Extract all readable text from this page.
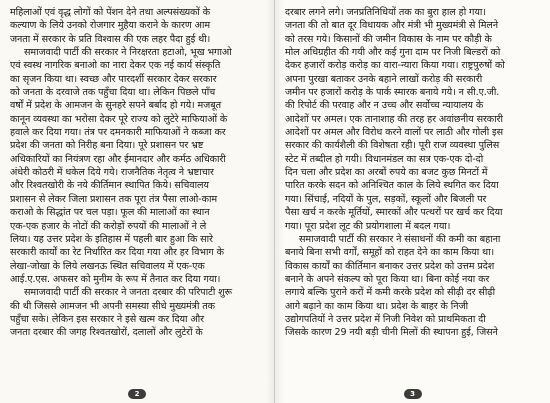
महिलाओं एवं वृद्ध लोगों को पेंशन देने तथा अल्पसंख्यकों के
कल्याण के लिये उनको रोजगार मुहैया कराने के कारण आम
जनता में सरकार के प्रति विश्वास की एक लहर पैदा हुई थी।
समाजवादी पार्टी की सरकार ने निरक्षरता हटाओ, भूख भगाओ
एवं स्वस्थ नागरिक बनाओ का नारा देकर एक नई कार्य संस्कृति
का सृजन किया था। स्वच्छ और पारदर्शी सरकार देकर सरकार
को जनता के दरवाजे तक पहुँचा दिया था। लेकिन पिछले पाँच
वर्षों में प्रदेश के आमजन के सुनहरे सपने बर्बाद हो गये। मजबूत
कानून व्यवस्था का भरोसा देकर पूरे राज्य को लुटेरे माफियाओं के
हवाले कर दिया गया। तंत्र पर दमनकारी माफियाओं ने कब्जा कर
प्रदेश की जनता को निरीह बना दिया। पूरे प्रशासन पर भ्रष्ट
अधिकारियों का नियंत्रण रहा और ईमानदार और कर्मठ अधिकारी
अंधेरी कोठरी में धकेल दिये गये। राजनैतिक नेतृत्व ने भ्रष्टाचार
और रिश्वतखोरी के नये कीर्तिमान स्थापित किये। सचिवालय
प्रशासन से लेकर जिला प्रशासन तक पूरा तंत्र पैसा लाओ-काम
कराओ के सिद्धांत पर चल पड़ा। फूल की मालाओं का स्थान
एक-एक हजार के नोटों की करोड़ों रुपयों की मालाओं ने ले
लिया। यह उत्तर प्रदेश के इतिहास में पहली बार हुआ कि सारे
सरकारी कार्यों का रेट निर्धारित कर दिया गया और हर विभाग के
लेखा-जोखा के लिये लखनऊ स्थित सचिवालय में एक-एक
आई.ए.एस. अफसर को मुनीम के रूप में तैनात कर दिया गया।
समाजवादी पार्टी की सरकार ने जनता दरबार की परिपाटी शुरू
की थी जिससे आमजन भी अपनी समस्या सीधे मुख्यमंत्री तक
पहुँचा सके। लेकिन इस सरकार ने इसे खत्म कर दिया और
जनता दरबार की जगह रिश्वतखोरों, दलालों और लुटेरों के
2
दरबार लगने लगे। जनप्रतिनिधियों तक का बुरा हाल हो गया।
जनता की तो बात दूर विधायक और मंत्री भी मुख्यमंत्री से मिलने
को तरस गये। किसानों की जमीन विकास के नाम पर कौड़ी के
मोल अधिग्रहीत की गयी और कई गुना दाम पर निजी बिल्डरों को
देकर हजारों करोड़ करोड़ का वारा-न्यारा किया गया। राष्ट्रपुरुषों को
अपना पुरखा बताकर उनके बहाने लाखों करोड़ की सरकारी
जमीन पर हजारों करोड़ के पार्क स्मारक बनाये गये। न सी.ए.जी.
की रिपोर्ट की परवाह और न उच्च और सर्वोच्च न्यायालय के
आदेशों पर अमल। एक तानाशाह की तरह हर अवांछनीय सरकारी
आदेशों पर अमल और विरोध करने वालों पर लाठी और गोली इस
सरकार की कार्यशैली की विशेषता रही। पूरी राज व्यवस्था पुलिस
स्टेट में तब्दील हो गयी। विधानमंडल का सत्र एक-एक दो-दो
दिन चला और प्रदेश का अरबों रुपये का बजट कुछ मिनटों में
पारित करके सदन को अनिश्चित काल के लिये स्थगित कर दिया
गया। सिंचाई, नदियों के पुल, सड़कों, स्कूलों और बिजली पर
पैसा खर्च न करके मूर्तियों, स्मारकों और पत्थरों पर खर्च कर दिया
गया। पूरा प्रदेश लूट की प्रयोगशाला में बदल गया।
समाजवादी पार्टी की सरकार ने संसाधनों की कमी का बहाना
बनाये बिना सभी वर्गों, समूहों को राहत देने का काम किया था।
विकास कार्यों का कीर्तिमान बनाकर उत्तर प्रदेश को उत्तम प्रदेश
बनाने के अपने संकल्प को पूरा किया था। बिना कोई नया कर
लगाये बल्कि पुराने करों में कमी करके प्रदेश को सीढ़ी दर सीढ़ी
आगे बढ़ाने का काम किया था। प्रदेश के बाहर के निजी
उद्योगपतियों ने उत्तर प्रदेश में निजी निवेश को प्राथमिकता दी
जिसके कारण 29 नयी बड़ी चीनी मिलों की स्थापना हुई, जिसने
3
